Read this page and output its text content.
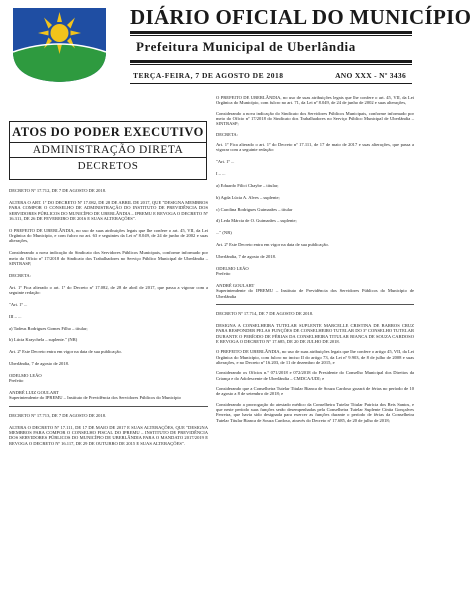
DIÁRIO OFICIAL DO MUNICÍPIO
Prefeitura Municipal de Uberlândia
TERÇA-FEIRA, 7 DE AGOSTO DE 2018	ANO XXX - Nº 3436
ATOS DO PODER EXECUTIVO
ADMINISTRAÇÃO DIRETA
DECRETOS
DECRETO Nº 17.712, DE 7 DE AGOSTO DE 2018.
ALTERA O ART. 1º DO DECRETO Nº 17.082, DE 28 DE ABRIL DE 2017, QUE "DESIGNA MEMBROS PARA COMPOR O CONSELHO DE ADMINISTRAÇÃO DO INSTITUTO DE PREVIDÊNCIA DOS SERVIDORES PÚBLICOS DO MUNICÍPIO DE UBERLÂNDIA – IPREMU E REVOGA O DECRETO Nº 16.311, DE 26 DE FEVEREIRO DE 2016 E SUAS ALTERAÇÕES".
O PREFEITO DE UBERLÂNDIA, no uso de suas atribuições legais que lhe confere o art. 45, VII, da Lei Orgânica do Município, e com fulcro no art. 63 e seguintes da Lei nº 8.049, de 24 de junho de 2002 e suas alterações,
Considerando a nova indicação do Sindicato dos Servidores Públicos Municipais, conforme informado por meio do Ofício nº 17/2018 do Sindicato dos Trabalhadores no Serviço Público Municipal de Uberlândia – SINTRASP,
DECRETA:
Art. 1º Fica alterado o art. 1º do Decreto nº 17.082, de 28 de abril de 2017, que passa a vigorar com a seguinte redação:
"Art. 1º ...
III – ...
a) Tadeus Rodrigues Gomes Filho – titular;
b) Lúcia Kraychela – suplente." (NR)
Art. 2º Este Decreto entra em vigor na data de sua publicação.
Uberlândia, 7 de agosto de 2018.
ODELMO LEÃO
Prefeito
ANDRÉ LUIZ GOULART
Superintendente do IPREMU – Instituto de Previdência dos Servidores Públicos do Município
DECRETO Nº 17.713, DE 7 DE AGOSTO DE 2018.
ALTERA O DECRETO Nº 17.111, DE 17 DE MAIO DE 2017 E SUAS ALTERAÇÕES, QUE "DESIGNA MEMBROS PARA COMPOR O CONSELHO FISCAL DO IPREMU – INSTITUTO DE PREVIDÊNCIA DOS SERVIDORES PÚBLICOS DO MUNICÍPIO DE UBERLÂNDIA PARA O MANDATO 2017/2019 E REVOGA O DECRETO Nº 16.117, DE 29 DE OUTUBRO DE 2015 E SUAS ALTERAÇÕES".
O PREFEITO DE UBERLÂNDIA, no uso de suas atribuições legais que lhe confere o art. 45, VII, da Lei Orgânica do Município, com fulcro no art. 71, da Lei nº 8.049, de 24 de junho de 2002 e suas alterações,
Considerando a nova indicação do Sindicato dos Servidores Públicos Municipais, conforme informado por meio do Ofício nº 17/2018 do Sindicato dos Trabalhadores no Serviço Público Municipal de Uberlândia – SINTRASP;
DECRETA:
Art. 1º Fica alterado o art. 1º do Decreto nº 17.111, de 17 de maio de 2017 e suas alterações, que passa a vigorar com a seguinte redação:
"Art. 1º ...
I – ...
a) Eduardo Filici Chaybe – titular;
b) Agda Lúcia A. Alves – suplente;
c) Carolina Rodrigues Guimarães – titular
d) Leda Márcia de O. Guimarães – suplente;
..." (NR)
Art. 2º Este Decreto entra em vigor na data de sua publicação.
Uberlândia, 7 de agosto de 2018.
ODELMO LEÃO
Prefeito
ANDRÉ GOULART
Superintendente do IPREMU – Instituto de Previdência dos Servidores Públicos do Município de Uberlândia
DECRETO Nº 17.714, DE 7 DE AGOSTO DE 2018.
DESIGNA A CONSELHEIRA TUTELAR SUPLENTE MARCELLE CRISTINA DE BARROS CRUZ PARA RESPONDER PELAS FUNÇÕES DE CONSELHEIRO TUTELAR DO 3º CONSELHO TUTELAR DURANTE O PERÍODO DE FÉRIAS DA CONSELHEIRA TITULAR BIANCA DE SOUZA CARDOSO E REVOGA O DECRETO Nº 17.685, DE 20 DE JULHO DE 2018.
O PREFEITO DE UBERLÂNDIA, no uso de suas atribuições legais que lhe confere o artigo 45, VII, da Lei Orgânica do Município, com fulcro no inciso II do artigo 73, da Lei nº 9.903, de 8 de julho de 2008 e suas alterações, e no Decreto nº 16.203, de 11 de dezembro de 2015, e
Considerando os Ofícios n.º 071/2018 e 072/2018 do Presidente do Conselho Municipal dos Direitos da Criança e do Adolescente de Uberlândia – CMDCA/UDI; e
Considerando que a Conselheira Tutelar Titular Bianca de Souza Cardoso gozará de férias no período de 10 de agosto a 8 de setembro de 2018; e
Considerando a prorrogação do atestado médico da Conselheira Tutelar Titular Patrícia dos Reis Santos, e que neste período suas funções serão desempenhadas pela Conselheira Tutelar Suplente Cíntia Gonçalves Ferreira, que havia sido designada para exercer as funções durante o período de férias da Conselheira Tutelar Titular Bianca de Souza Cardoso, através do Decreto nº 17.685, de 20 de julho de 2018;
